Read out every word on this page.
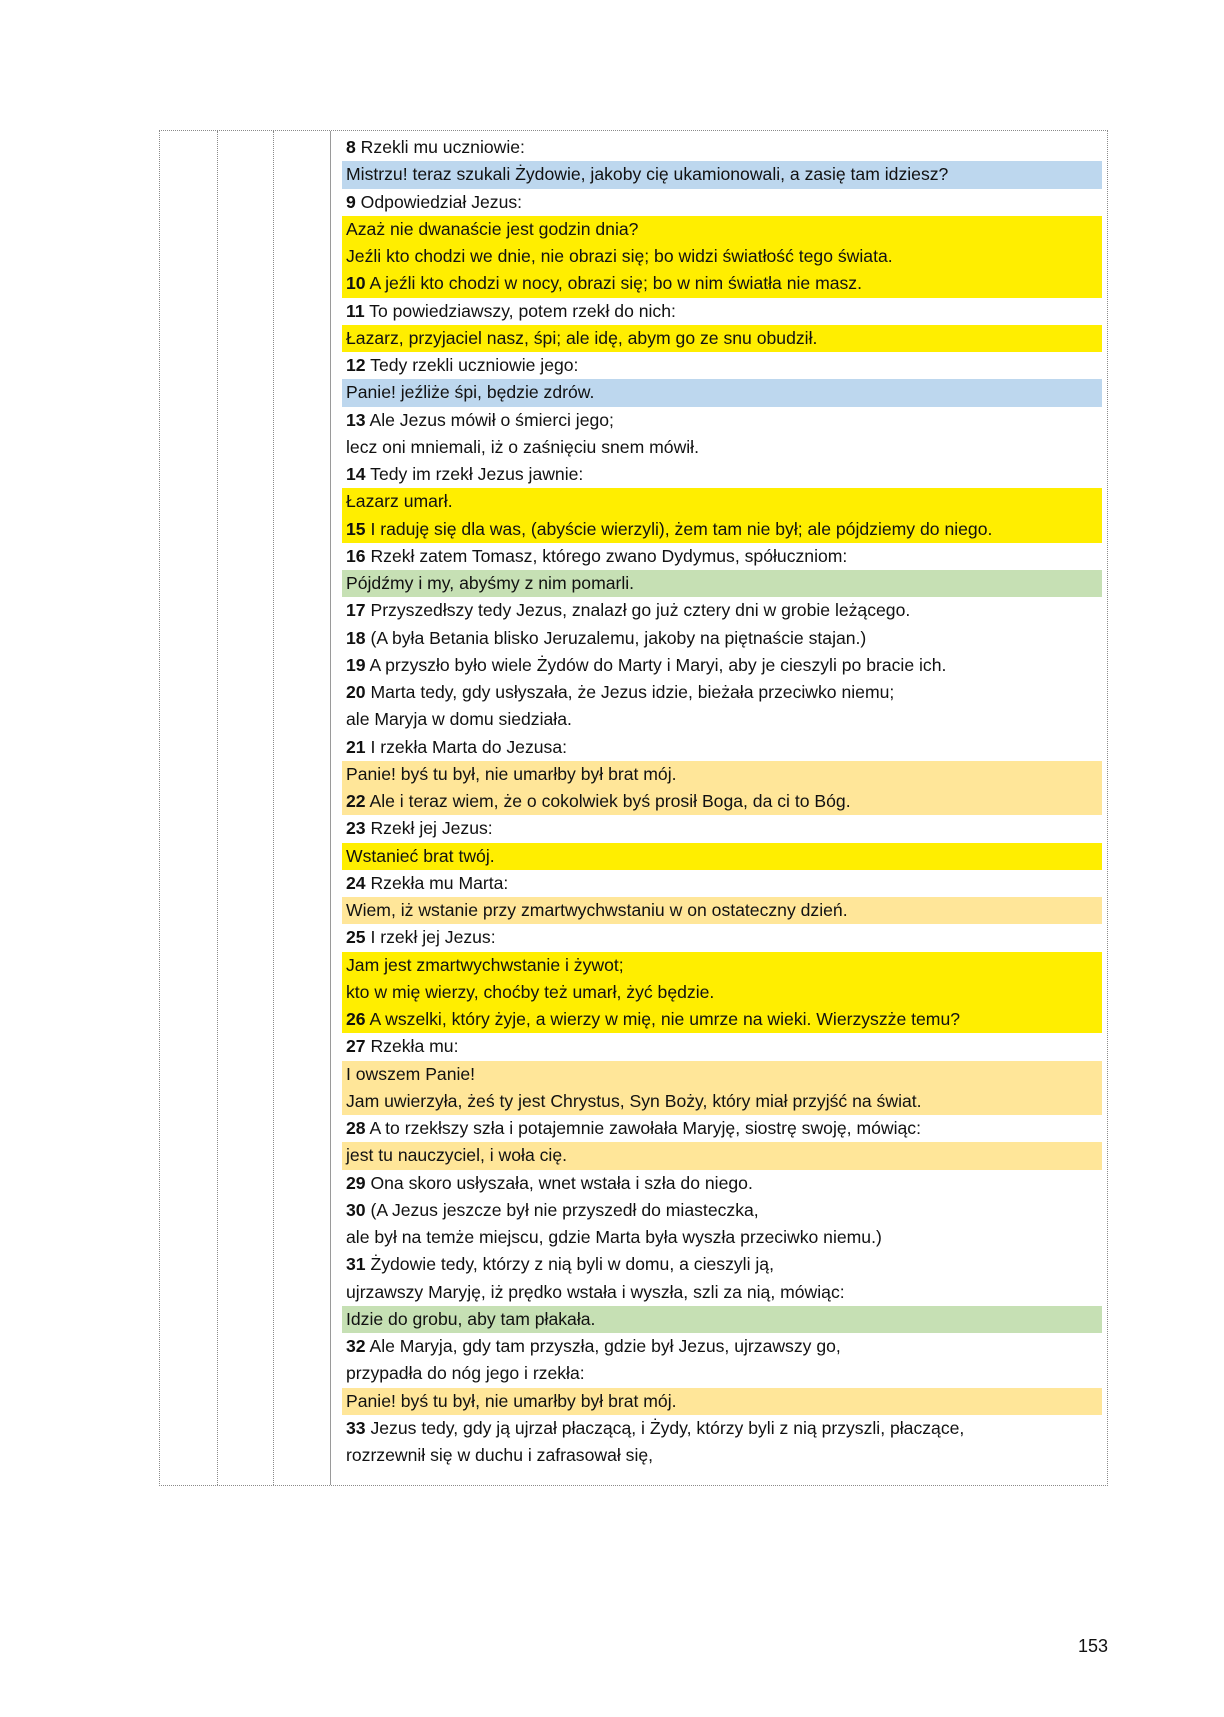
8 Rzekli mu uczniowie:
Mistrzu! teraz szukali Żydowie, jakoby cię ukamionowali, a zasię tam idziesz?
9 Odpowiedział Jezus:
Azaż nie dwanaście jest godzin dnia?
Jeźli kto chodzi we dnie, nie obrazi się; bo widzi światłość tego świata.
10 A jeźli kto chodzi w nocy, obrazi się; bo w nim światła nie masz.
11 To powiedziawszy, potem rzekł do nich:
Łazarz, przyjaciel nasz, śpi; ale idę, abym go ze snu obudził.
12 Tedy rzekli uczniowie jego:
Panie! jeźliże śpi, będzie zdrów.
13 Ale Jezus mówił o śmierci jego;
lecz oni mniemali, iż o zaśnięciu snem mówił.
14 Tedy im rzekł Jezus jawnie:
Łazarz umarł.
15 I raduję się dla was, (abyście wierzyli), żem tam nie był; ale pójdziemy do niego.
16 Rzekł zatem Tomasz, którego zwano Dydymus, spółuczniom:
Pójdźmy i my, abyśmy z nim pomarli.
17 Przyszedłszy tedy Jezus, znalazł go już cztery dni w grobie leżącego.
18 (A była Betania blisko Jeruzalemu, jakoby na piętnaście stajan.)
19 A przyszło było wiele Żydów do Marty i Maryi, aby je cieszyli po bracie ich.
20 Marta tedy, gdy usłyszała, że Jezus idzie, bieżała przeciwko niemu;
ale Maryja w domu siedziała.
21 I rzekła Marta do Jezusa:
Panie! byś tu był, nie umarłby był brat mój.
22 Ale i teraz wiem, że o cokolwiek byś prosił Boga, da ci to Bóg.
23 Rzekł jej Jezus:
Wstanieć brat twój.
24 Rzekła mu Marta:
Wiem, iż wstanie przy zmartwychwstaniu w on ostateczny dzień.
25 I rzekł jej Jezus:
Jam jest zmartwychwstanie i żywot;
kto w mię wierzy, choćby też umarł, żyć będzie.
26 A wszelki, który żyje, a wierzy w mię, nie umrze na wieki. Wierzyszże temu?
27 Rzekła mu:
I owszem Panie!
Jam uwierzyła, żeś ty jest Chrystus, Syn Boży, który miał przyjść na świat.
28 A to rzekłszy szła i potajemnie zawołała Maryję, siostrę swoję, mówiąc:
jest tu nauczyciel, i woła cię.
29 Ona skoro usłyszała, wnet wstała i szła do niego.
30 (A Jezus jeszcze był nie przyszedł do miasteczka,
ale był na temże miejscu, gdzie Marta była wyszła przeciwko niemu.)
31 Żydowie tedy, którzy z nią byli w domu, a cieszyli ją,
ujrzawszy Maryję, iż prędko wstała i wyszła, szli za nią, mówiąc:
Idzie do grobu, aby tam płakała.
32 Ale Maryja, gdy tam przyszła, gdzie był Jezus, ujrzawszy go,
przypadła do nóg jego i rzekła:
Panie! byś tu był, nie umarłby był brat mój.
33 Jezus tedy, gdy ją ujrzał płaczącą, i Żydy, którzy byli z nią przyszli, płaczące,
rozrzewnił się w duchu i zafrasował się,
153
